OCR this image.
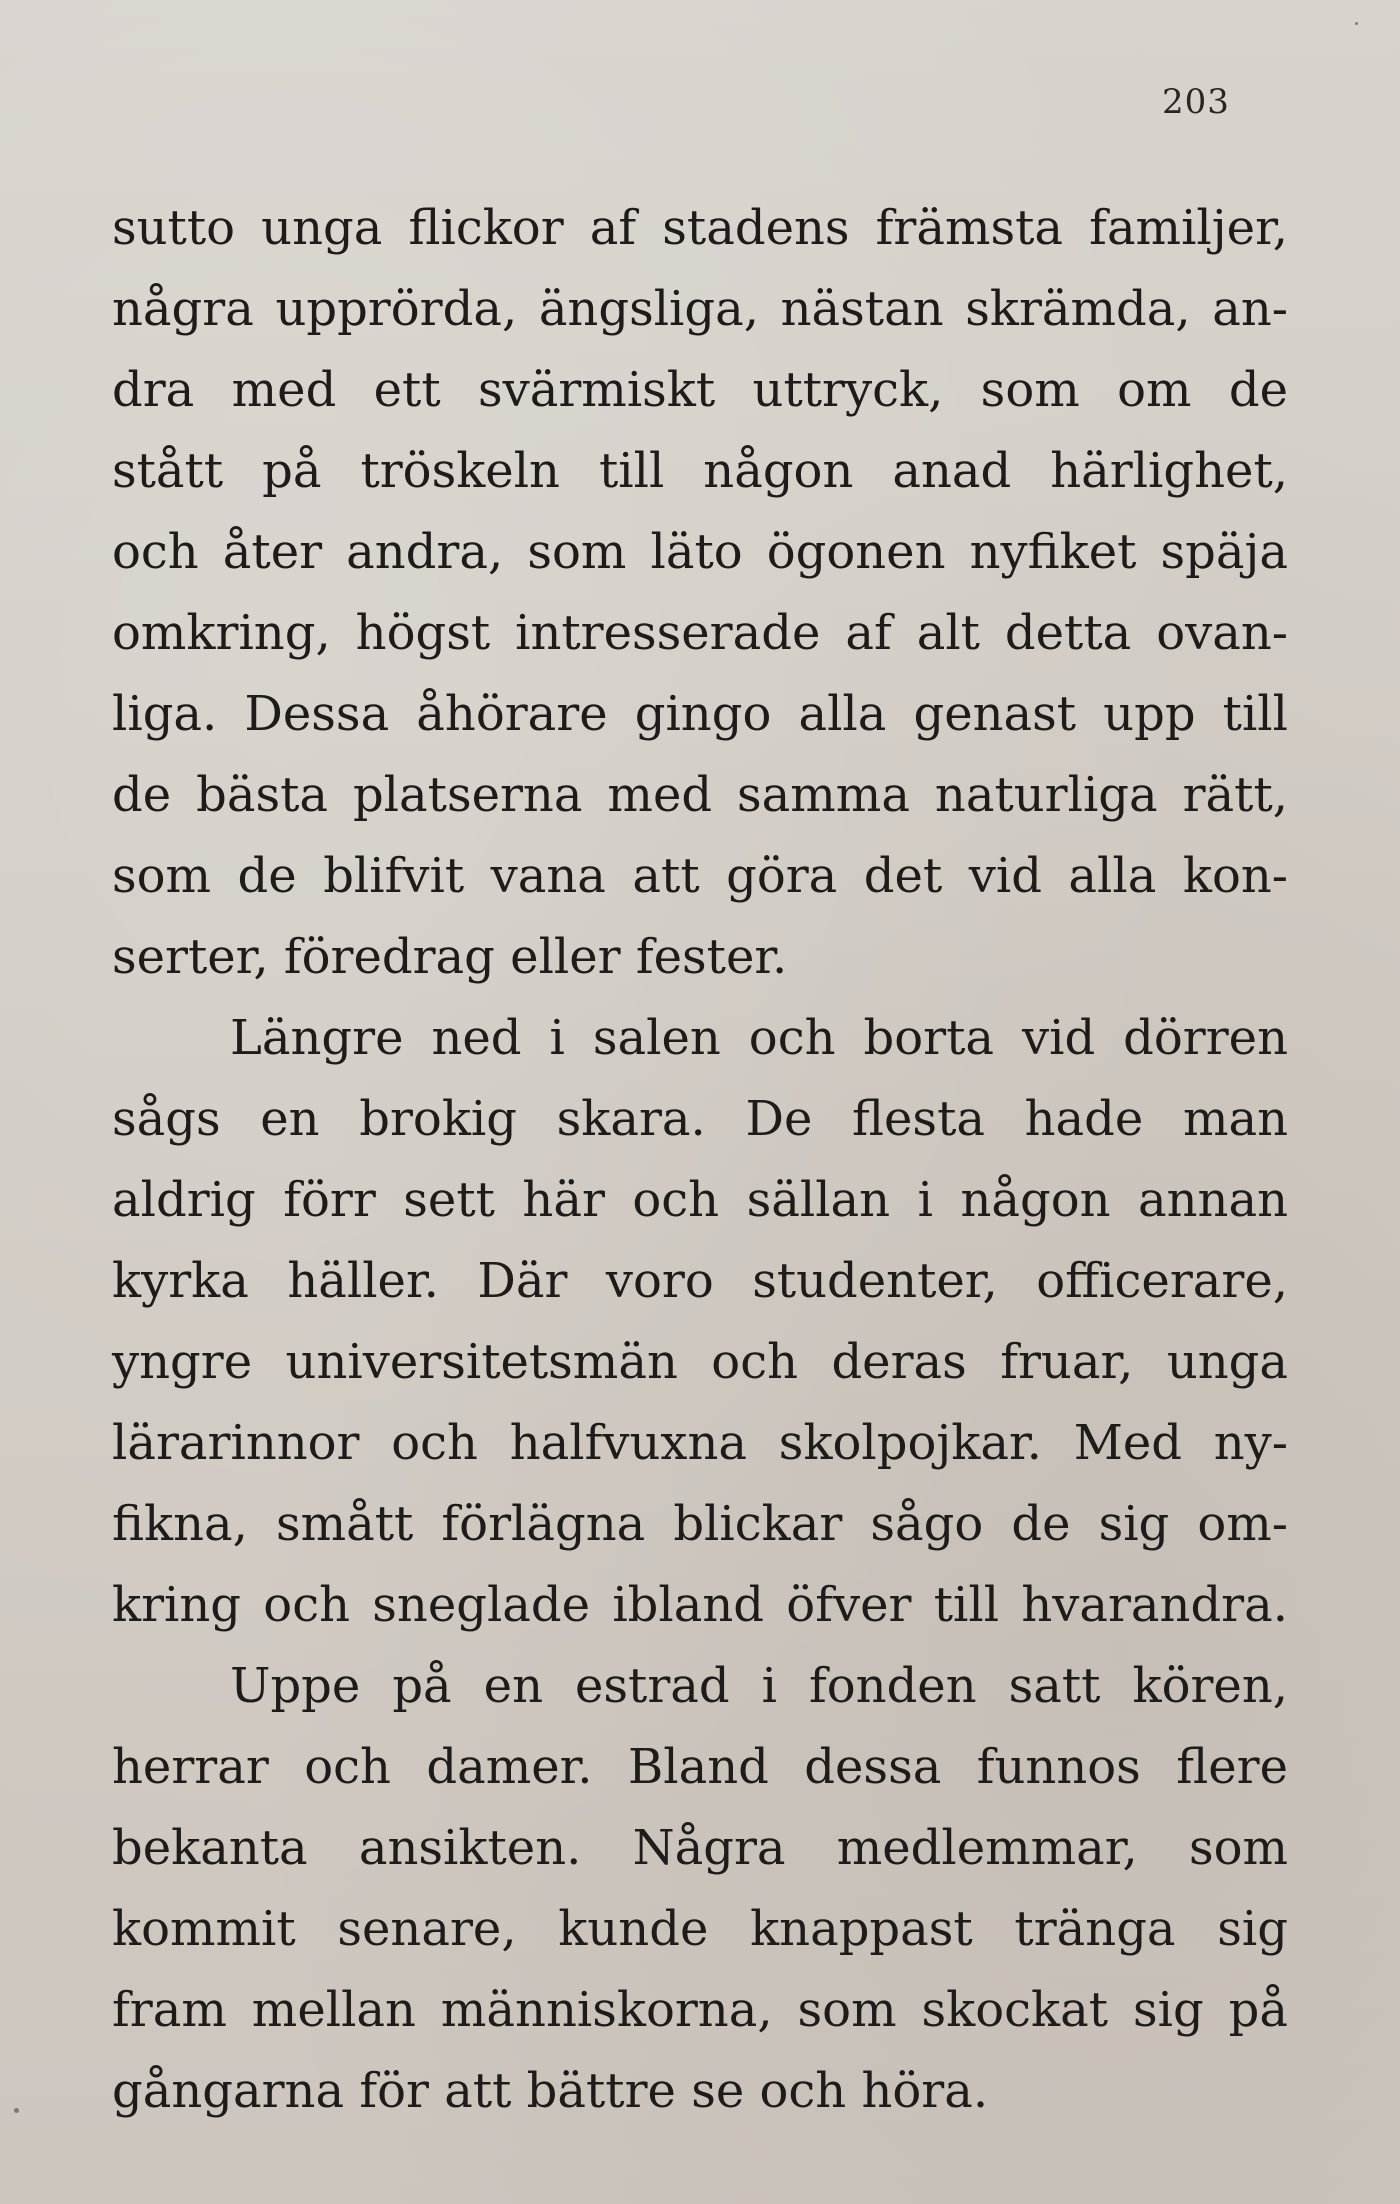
203
sutto unga flickor af stadens främsta familjer,
några upprörda, ängsliga, nästan skrämda, an-
dra med ett svärmiskt uttryck, som om de
stått på tröskeln till någon anad härlighet,
och åter andra, som läto ögonen nyfiket späja
omkring, högst intresserade af alt detta ovan-
liga. Dessa åhörare gingo alla genast upp till
de bästa platserna med samma naturliga rätt,
som de blifvit vana att göra det vid alla kon-
serter, föredrag eller fester.
Längre ned i salen och borta vid dörren
sågs en brokig skara. De flesta hade man
aldrig förr sett här och sällan i någon annan
kyrka häller. Där voro studenter, officerare,
yngre universitetsmän och deras fruar, unga
lärarinnor och halfvuxna skolpojkar. Med ny-
fikna, smått förlägna blickar sågo de sig om-
kring och sneglade ibland öfver till hvarandra.
Uppe på en estrad i fonden satt kören,
herrar och damer. Bland dessa funnos flere
bekanta ansikten. Några medlemmar, som
kommit senare, kunde knappast tränga sig
fram mellan människorna, som skockat sig på
gångarna för att bättre se och höra.
